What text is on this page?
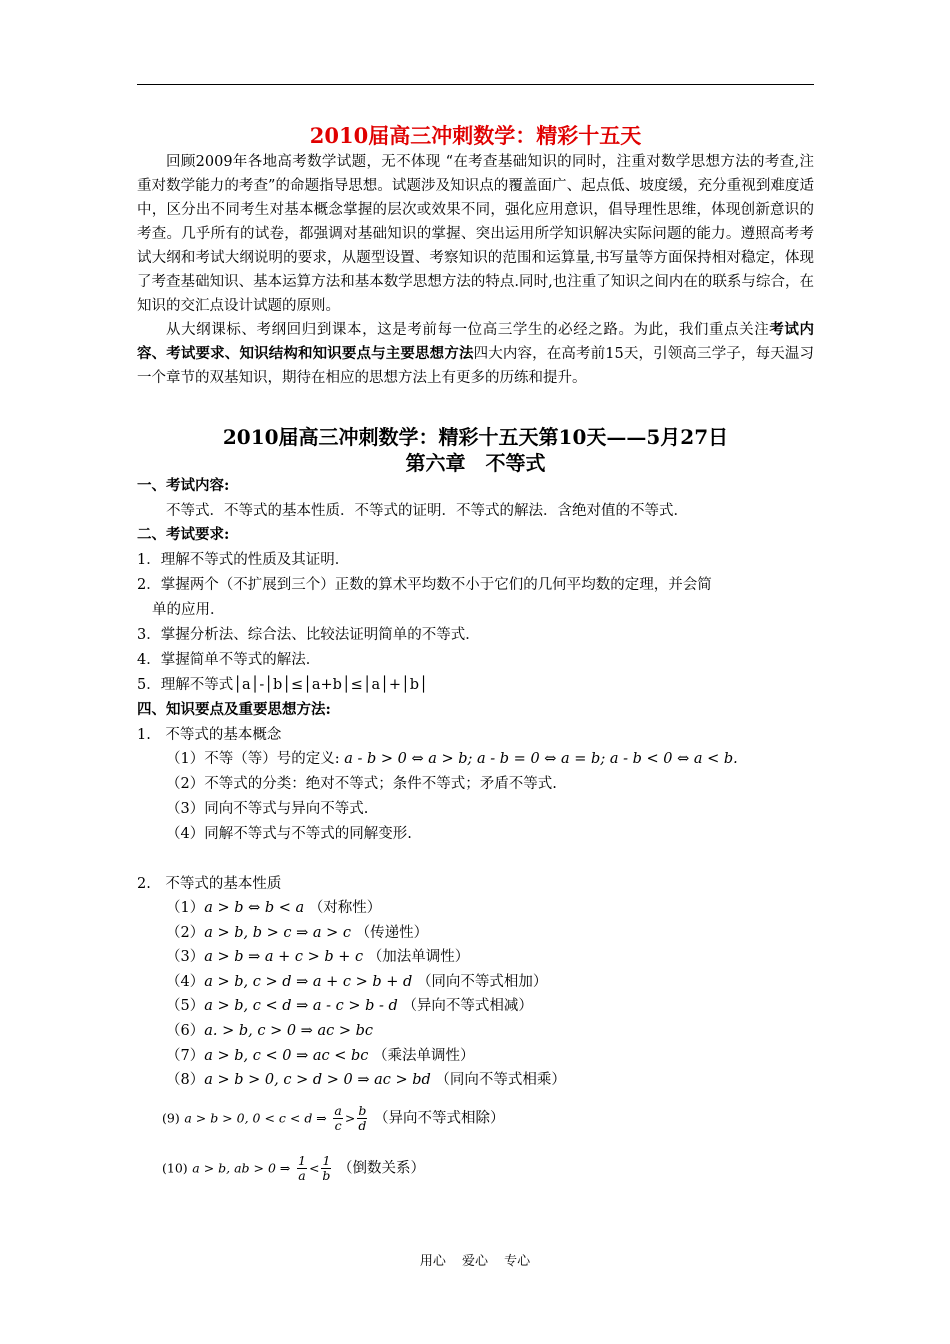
2010届高三冲刺数学：精彩十五天

回顾2009年各地高考数学试题，无不体现 “在考查基础知识的同时，注重对数学思想方法的考查,注重对数学能力的考查”的命题指导思想。试题涉及知识点的覆盖面广、起点低、坡度缓，充分重视到难度适中，区分出不同考生对基本概念掌握的层次或效果不同，强化应用意识，倡导理性思维，体现创新意识的考查。几乎所有的试卷，都强调对基础知识的掌握、突出运用所学知识解决实际问题的能力。遵照高考考试大纲和考试大纲说明的要求，从题型设置、考察知识的范围和运算量,书写量等方面保持相对稳定，体现了考查基础知识、基本运算方法和基本数学思想方法的特点.同时,也注重了知识之间内在的联系与综合，在知识的交汇点设计试题的原则。

从大纲课标、考纲回归到课本，这是考前每一位高三学生的必经之路。为此，我们重点关注考试内容、考试要求、知识结构和知识要点与主要思想方法四大内容，在高考前15天，引领高三学子，每天温习一个章节的双基知识，期待在相应的思想方法上有更多的历练和提升。

2010届高三冲刺数学：精彩十五天第10天——5月27日
第六章　不等式
一、考试内容:
不等式．不等式的基本性质．不等式的证明．不等式的解法．含绝对值的不等式．
二、考试要求:
1．理解不等式的性质及其证明．
2．掌握两个（不扩展到三个）正数的算术平均数不小于它们的几何平均数的定理，并会简
单的应用．
3．掌握分析法、综合法、比较法证明简单的不等式．
4．掌握简单不等式的解法．
5．理解不等式│a│-│b│≤│a+b│≤│a│+│b│
四、知识要点及重要思想方法:
1.　不等式的基本概念
（1）不等（等）号的定义: a - b > 0 ⇔ a > b; a - b = 0 ⇔ a = b; a - b < 0 ⇔ a < b.
（2）不等式的分类：绝对不等式；条件不等式；矛盾不等式.
（3）同向不等式与异向不等式.
（4）同解不等式与不等式的同解变形.
2.　不等式的基本性质
（1）a > b ⇔ b < a （对称性）
（2）a > b, b > c ⇒ a > c （传递性）
（3）a > b ⇒ a + c > b + c （加法单调性）
（4）a > b, c > d ⇒ a + c > b + d （同向不等式相加）
（5）a > b, c < d ⇒ a - c > b - d （异向不等式相减）
（6）a. > b, c > 0 ⇒ ac > bc
（7）a > b, c < 0 ⇒ ac < bc （乘法单调性）
（8）a > b > 0, c > d > 0 ⇒ ac > bd （同向不等式相乘）
(9) a > b > 0, 0 < c < d ⇒ $\frac{a}{c} > \frac{b}{d}$ （异向不等式相除）
(10) a > b, ab > 0 ⇒ $\frac{1}{a} < \frac{1}{b}$ （倒数关系）
用心 爱心 专心
